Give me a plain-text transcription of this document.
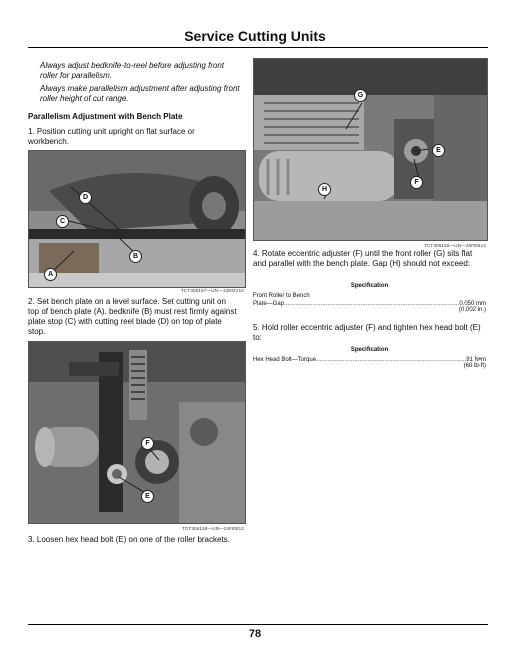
Service Cutting Units
Always adjust bedknife-to-reel before adjusting front roller for parallelism.
Always make parallelism adjustment after adjusting front roller height of cut range.
Parallelism Adjustment with Bench Plate
1. Position cutting unit upright on flat surface or workbench.
D
C
B
A
TCT306157—UN—13NOV12
2. Set bench plate on a level surface. Set cutting unit on top of bench plate (A). bedknife (B) must rest firmly against plate stop (C) with cutting reel blade (D) on top of plate stop.
F
E
TCT306158—UN—24FEB13
3. Loosen hex head bolt (E) on one of the roller brackets.
G
E
F
H
TCT306159—UN—25FEB13
4. Rotate eccentric adjuster (F) until the front roller (G) sits flat and parallel with the bench plate. Gap (H) should not exceed:
Specification
Front Roller to Bench
Plate—Gap .....	0.050 mm
(0.002 in.)
5. Hold roller eccentric adjuster (F) and tighten hex head bolt (E) to:
Specification
Hex Head Bolt—Torque .....	81 N•m
(60 lb-ft)
78
